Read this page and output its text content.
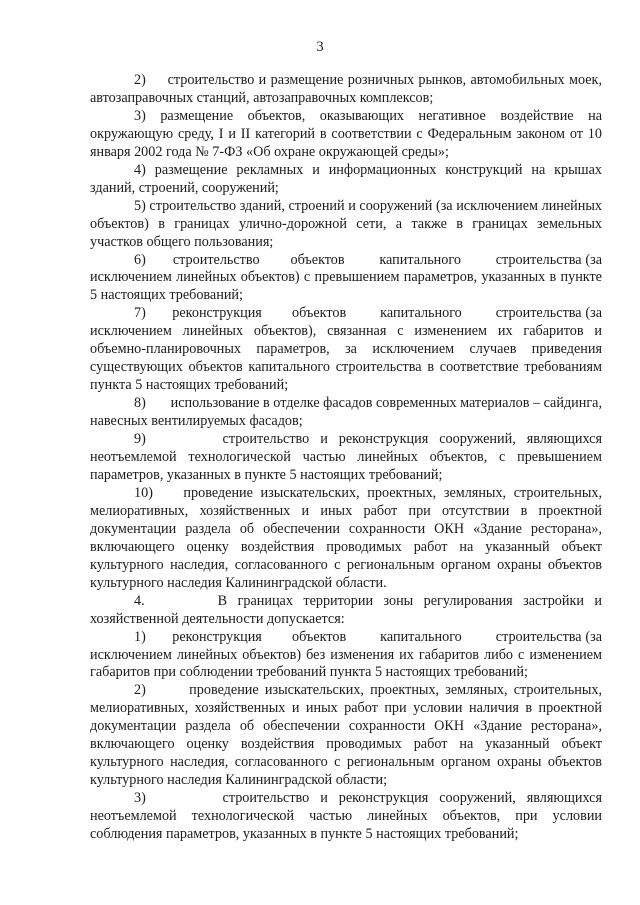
3

2)     строительство и размещение розничных рынков, автомобильных моек, автозаправочных станций, автозаправочных комплексов;

3) размещение объектов, оказывающих негативное воздействие на окружающую среду, I и II категорий в соответствии с Федеральным законом от 10 января 2002 года № 7-ФЗ «Об охране окружающей среды»;

4) размещение рекламных и информационных конструкций на крышах зданий, строений, сооружений;

5) строительство зданий, строений и сооружений (за исключением линейных объектов) в границах улично-дорожной сети, а также в границах земельных участков общего пользования;

6)       строительство        объектов         капитального         строительства (за исключением линейных объектов) с превышением параметров, указанных в пункте 5 настоящих требований;

7)       реконструкция        объектов         капитального         строительства (за исключением линейных объектов), связанная с изменением их габаритов и объемно-планировочных параметров, за исключением случаев приведения существующих объектов капитального строительства в соответствие требованиям пункта 5 настоящих требований;

8)       использование в отделке фасадов современных материалов – сайдинга, навесных вентилируемых фасадов;

9)       строительство и реконструкция сооружений, являющихся неотъемлемой технологической частью линейных объектов, с превышением параметров, указанных в пункте 5 настоящих требований;

10)    проведение изыскательских, проектных, земляных, строительных, мелиоративных, хозяйственных и иных работ при отсутствии в проектной документации раздела об обеспечении сохранности ОКН «Здание ресторана», включающего оценку воздействия проводимых работ на указанный объект культурного наследия, согласованного с региональным органом охраны объектов культурного наследия Калининградской области.

4.       В границах территории зоны регулирования застройки и хозяйственной деятельности допускается:

1)       реконструкция        объектов         капитального         строительства (за исключением линейных объектов) без изменения их габаритов либо с изменением габаритов при соблюдении требований пункта 5 настоящих требований;

2)       проведение изыскательских, проектных, земляных, строительных, мелиоративных, хозяйственных и иных работ при условии наличия в проектной документации раздела об обеспечении сохранности ОКН «Здание ресторана», включающего оценку воздействия проводимых работ на указанный объект культурного наследия, согласованного с региональным органом охраны объектов культурного наследия Калининградской области;

3)       строительство и реконструкция сооружений, являющихся неотъемлемой технологической частью линейных объектов, при условии соблюдения параметров, указанных в пункте 5 настоящих требований;
